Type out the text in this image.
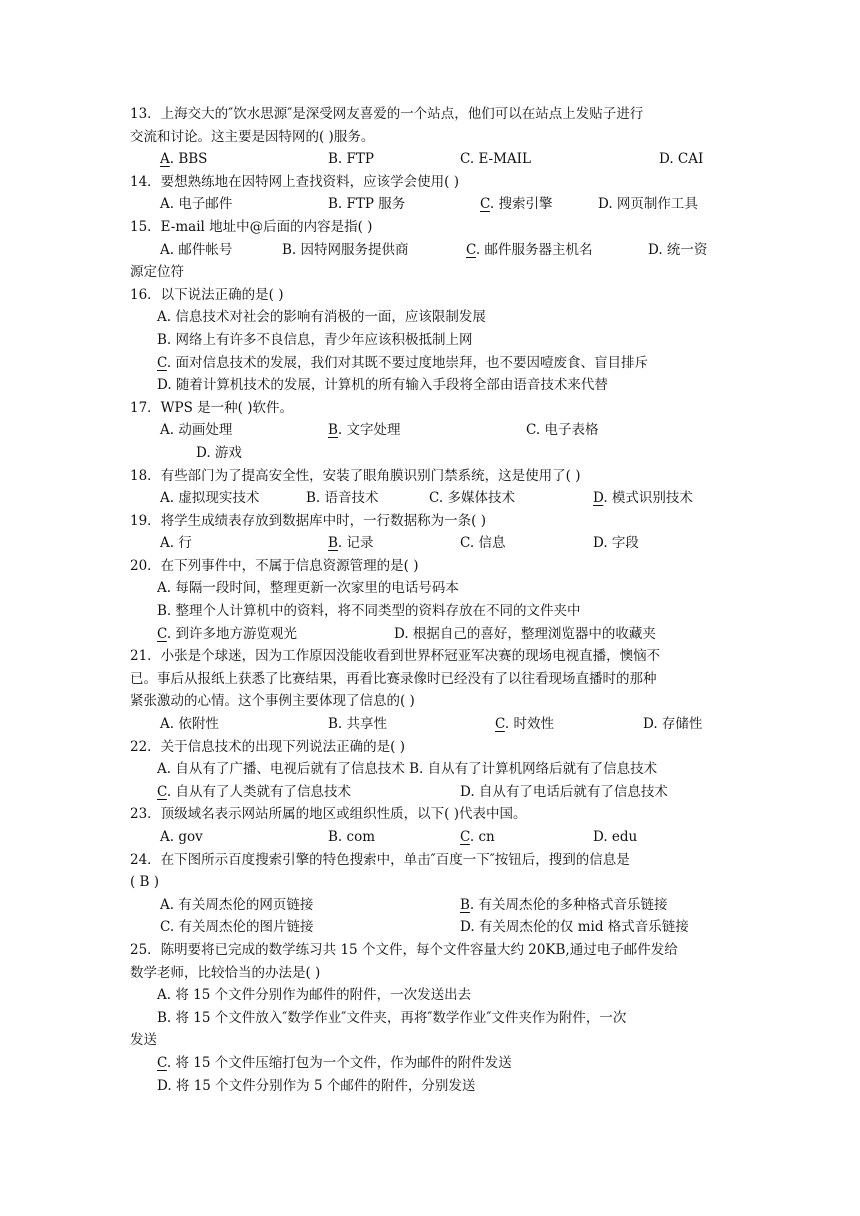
13．上海交大的″饮水思源″是深受网友喜爱的一个站点，他们可以在站点上发贴子进行
交流和讨论。这主要是因特网的( )服务。
A. BBS	B. FTP	C. E-MAIL	D. CAI
14．要想熟练地在因特网上查找资料，应该学会使用( )
A. 电子邮件	B. FTP 服务	C. 搜索引擎	D. 网页制作工具
15．E-mail 地址中@后面的内容是指( )
A. 邮件帐号	B. 因特网服务提供商	C. 邮件服务器主机名	D. 统一资
源定位符
16．以下说法正确的是( )
A. 信息技术对社会的影响有消极的一面，应该限制发展
B. 网络上有许多不良信息，青少年应该积极抵制上网
C. 面对信息技术的发展，我们对其既不要过度地崇拜，也不要因噎废食、盲目排斥
D. 随着计算机技术的发展，计算机的所有输入手段将全部由语音技术来代替
17．WPS 是一种( )软件。
A. 动画处理	B. 文字处理	C. 电子表格
D. 游戏
18．有些部门为了提高安全性，安装了眼角膜识别门禁系统，这是使用了( )
A. 虚拟现实技术	B. 语音技术	C. 多媒体技术	D. 模式识别技术
19．将学生成绩表存放到数据库中时，一行数据称为一条( )
A. 行	B. 记录	C. 信息	D. 字段
20．在下列事件中，不属于信息资源管理的是( )
A. 每隔一段时间，整理更新一次家里的电话号码本
B. 整理个人计算机中的资料，将不同类型的资料存放在不同的文件夹中
C. 到许多地方游览观光	D. 根据自己的喜好，整理浏览器中的收藏夹
21．小张是个球迷，因为工作原因没能收看到世界杯冠亚军决赛的现场电视直播，懊恼不
已。事后从报纸上获悉了比赛结果，再看比赛录像时已经没有了以往看现场直播时的那种
紧张激动的心情。这个事例主要体现了信息的( )
A. 依附性	B. 共享性	C. 时效性	D. 存储性
22．关于信息技术的出现下列说法正确的是( )
A. 自从有了广播、电视后就有了信息技术 B. 自从有了计算机网络后就有了信息技术
C. 自从有了人类就有了信息技术	D. 自从有了电话后就有了信息技术
23．顶级域名表示网站所属的地区或组织性质，以下( )代表中国。
A. gov	B. com	C. cn	D. edu
24．在下图所示百度搜索引擎的特色搜索中，单击″百度一下″按钮后，搜到的信息是
( B )
A. 有关周杰伦的网页链接	B. 有关周杰伦的多种格式音乐链接
C. 有关周杰伦的图片链接	D. 有关周杰伦的仅 mid 格式音乐链接
25．陈明要将已完成的数学练习共 15 个文件，每个文件容量大约 20KB,通过电子邮件发给
数学老师，比较恰当的办法是( )
A. 将 15 个文件分别作为邮件的附件，一次发送出去
B. 将 15 个文件放入″数学作业″文件夹，再将″数学作业″文件夹作为附件，一次
发送
C. 将 15 个文件压缩打包为一个文件，作为邮件的附件发送
D. 将 15 个文件分别作为 5 个邮件的附件，分别发送
